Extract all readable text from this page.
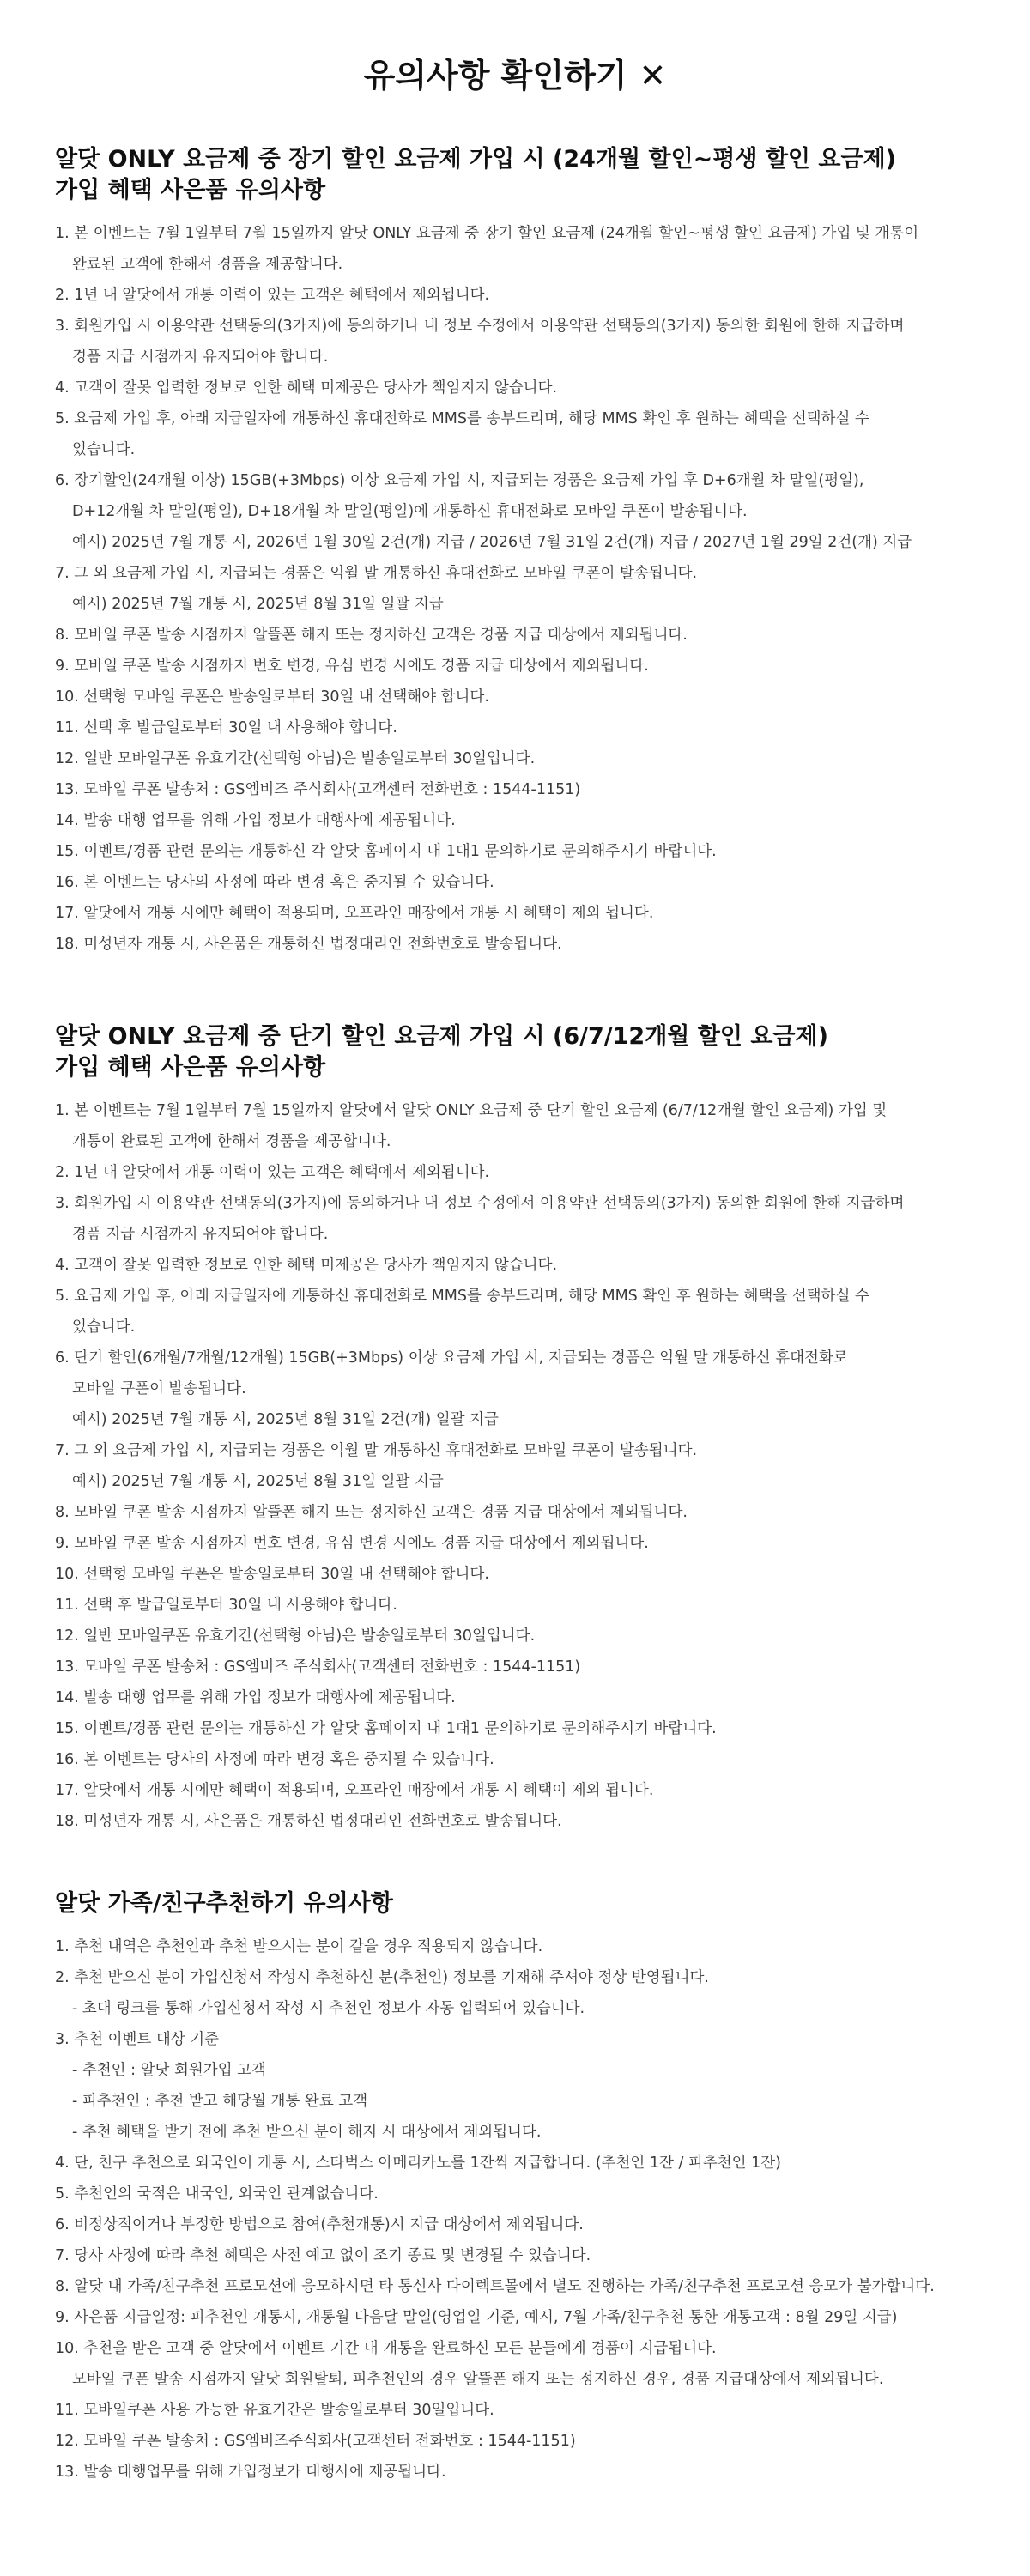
유의사항 확인하기 ✕
알닷 ONLY 요금제 중 장기 할인 요금제 가입 시 (24개월 할인~평생 할인 요금제)
가입 혜택 사은품 유의사항
1. 본 이벤트는 7월 1일부터 7월 15일까지 알닷 ONLY 요금제 중 장기 할인 요금제 (24개월 할인~평생 할인 요금제) 가입 및 개통이
완료된 고객에 한해서 경품을 제공합니다.
2. 1년 내 알닷에서 개통 이력이 있는 고객은 혜택에서 제외됩니다.
3. 회원가입 시 이용약관 선택동의(3가지)에 동의하거나 내 정보 수정에서 이용약관 선택동의(3가지) 동의한 회원에 한해 지급하며
경품 지급 시점까지 유지되어야 합니다.
4. 고객이 잘못 입력한 정보로 인한 혜택 미제공은 당사가 책임지지 않습니다.
5. 요금제 가입 후, 아래 지급일자에 개통하신 휴대전화로 MMS를 송부드리며, 해당 MMS 확인 후 원하는 혜택을 선택하실 수
있습니다.
6. 장기할인(24개월 이상) 15GB(+3Mbps) 이상 요금제 가입 시, 지급되는 경품은 요금제 가입 후 D+6개월 차 말일(평일),
D+12개월 차 말일(평일), D+18개월 차 말일(평일)에 개통하신 휴대전화로 모바일 쿠폰이 발송됩니다.
예시) 2025년 7월 개통 시, 2026년 1월 30일 2건(개) 지급 / 2026년 7월 31일 2건(개) 지급 / 2027년 1월 29일 2건(개) 지급
7. 그 외 요금제 가입 시, 지급되는 경품은 익월 말 개통하신 휴대전화로 모바일 쿠폰이 발송됩니다.
예시) 2025년 7월 개통 시, 2025년 8월 31일 일괄 지급
8. 모바일 쿠폰 발송 시점까지 알뜰폰 해지 또는 정지하신 고객은 경품 지급 대상에서 제외됩니다.
9. 모바일 쿠폰 발송 시점까지 번호 변경, 유심 변경 시에도 경품 지급 대상에서 제외됩니다.
10. 선택형 모바일 쿠폰은 발송일로부터 30일 내 선택해야 합니다.
11. 선택 후 발급일로부터 30일 내 사용해야 합니다.
12. 일반 모바일쿠폰 유효기간(선택형 아님)은 발송일로부터 30일입니다.
13. 모바일 쿠폰 발송처 : GS엠비즈 주식회사(고객센터 전화번호 : 1544-1151)
14. 발송 대행 업무를 위해 가입 정보가 대행사에 제공됩니다.
15. 이벤트/경품 관련 문의는 개통하신 각 알닷 홈페이지 내 1대1 문의하기로 문의해주시기 바랍니다.
16. 본 이벤트는 당사의 사정에 따라 변경 혹은 중지될 수 있습니다.
17. 알닷에서 개통 시에만 혜택이 적용되며, 오프라인 매장에서 개통 시 혜택이 제외 됩니다.
18. 미성년자 개통 시, 사은품은 개통하신 법정대리인 전화번호로 발송됩니다.
알닷 ONLY 요금제 중 단기 할인 요금제 가입 시 (6/7/12개월 할인 요금제)
가입 혜택 사은품 유의사항
1. 본 이벤트는 7월 1일부터 7월 15일까지 알닷에서 알닷 ONLY 요금제 중 단기 할인 요금제 (6/7/12개월 할인 요금제) 가입 및
개통이 완료된 고객에 한해서 경품을 제공합니다.
2. 1년 내 알닷에서 개통 이력이 있는 고객은 혜택에서 제외됩니다.
3. 회원가입 시 이용약관 선택동의(3가지)에 동의하거나 내 정보 수정에서 이용약관 선택동의(3가지) 동의한 회원에 한해 지급하며
경품 지급 시점까지 유지되어야 합니다.
4. 고객이 잘못 입력한 정보로 인한 혜택 미제공은 당사가 책임지지 않습니다.
5. 요금제 가입 후, 아래 지급일자에 개통하신 휴대전화로 MMS를 송부드리며, 해당 MMS 확인 후 원하는 혜택을 선택하실 수
있습니다.
6. 단기 할인(6개월/7개월/12개월) 15GB(+3Mbps) 이상 요금제 가입 시, 지급되는 경품은 익월 말 개통하신 휴대전화로
모바일 쿠폰이 발송됩니다.
예시) 2025년 7월 개통 시, 2025년 8월 31일 2건(개) 일괄 지급
7. 그 외 요금제 가입 시, 지급되는 경품은 익월 말 개통하신 휴대전화로 모바일 쿠폰이 발송됩니다.
예시) 2025년 7월 개통 시, 2025년 8월 31일 일괄 지급
8. 모바일 쿠폰 발송 시점까지 알뜰폰 해지 또는 정지하신 고객은 경품 지급 대상에서 제외됩니다.
9. 모바일 쿠폰 발송 시점까지 번호 변경, 유심 변경 시에도 경품 지급 대상에서 제외됩니다.
10. 선택형 모바일 쿠폰은 발송일로부터 30일 내 선택해야 합니다.
11. 선택 후 발급일로부터 30일 내 사용해야 합니다.
12. 일반 모바일쿠폰 유효기간(선택형 아님)은 발송일로부터 30일입니다.
13. 모바일 쿠폰 발송처 : GS엠비즈 주식회사(고객센터 전화번호 : 1544-1151)
14. 발송 대행 업무를 위해 가입 정보가 대행사에 제공됩니다.
15. 이벤트/경품 관련 문의는 개통하신 각 알닷 홈페이지 내 1대1 문의하기로 문의해주시기 바랍니다.
16. 본 이벤트는 당사의 사정에 따라 변경 혹은 중지될 수 있습니다.
17. 알닷에서 개통 시에만 혜택이 적용되며, 오프라인 매장에서 개통 시 혜택이 제외 됩니다.
18. 미성년자 개통 시, 사은품은 개통하신 법정대리인 전화번호로 발송됩니다.
알닷 가족/친구추천하기 유의사항
1. 추천 내역은 추천인과 추천 받으시는 분이 같을 경우 적용되지 않습니다.
2. 추천 받으신 분이 가입신청서 작성시 추천하신 분(추천인) 정보를 기재해 주셔야 정상 반영됩니다.
- 초대 링크를 통해 가입신청서 작성 시 추천인 정보가 자동 입력되어 있습니다.
3. 추천 이벤트 대상 기준
- 추천인 : 알닷 회원가입 고객
- 피추천인 : 추천 받고 해당월 개통 완료 고객
- 추천 혜택을 받기 전에 추천 받으신 분이 해지 시 대상에서 제외됩니다.
4. 단, 친구 추천으로 외국인이 개통 시, 스타벅스 아메리카노를 1잔씩 지급합니다. (추천인 1잔 / 피추천인 1잔)
5. 추천인의 국적은 내국인, 외국인 관계없습니다.
6. 비정상적이거나 부정한 방법으로 참여(추천개통)시 지급 대상에서 제외됩니다.
7. 당사 사정에 따라 추천 혜택은 사전 예고 없이 조기 종료 및 변경될 수 있습니다.
8. 알닷 내 가족/친구추천 프로모션에 응모하시면 타 통신사 다이렉트몰에서 별도 진행하는 가족/친구추천 프로모션 응모가 불가합니다.
9. 사은품 지급일정: 피추천인 개통시, 개통월 다음달 말일(영업일 기준, 예시, 7월 가족/친구추천 통한 개통고객 : 8월 29일 지급)
10. 추천을 받은 고객 중 알닷에서 이벤트 기간 내 개통을 완료하신 모든 분들에게 경품이 지급됩니다.
모바일 쿠폰 발송 시점까지 알닷 회원탈퇴, 피추천인의 경우 알뜰폰 해지 또는 정지하신 경우, 경품 지급대상에서 제외됩니다.
11. 모바일쿠폰 사용 가능한 유효기간은 발송일로부터 30일입니다.
12. 모바일 쿠폰 발송처 : GS엠비즈주식회사(고객센터 전화번호 : 1544-1151)
13. 발송 대행업무를 위해 가입정보가 대행사에 제공됩니다.
